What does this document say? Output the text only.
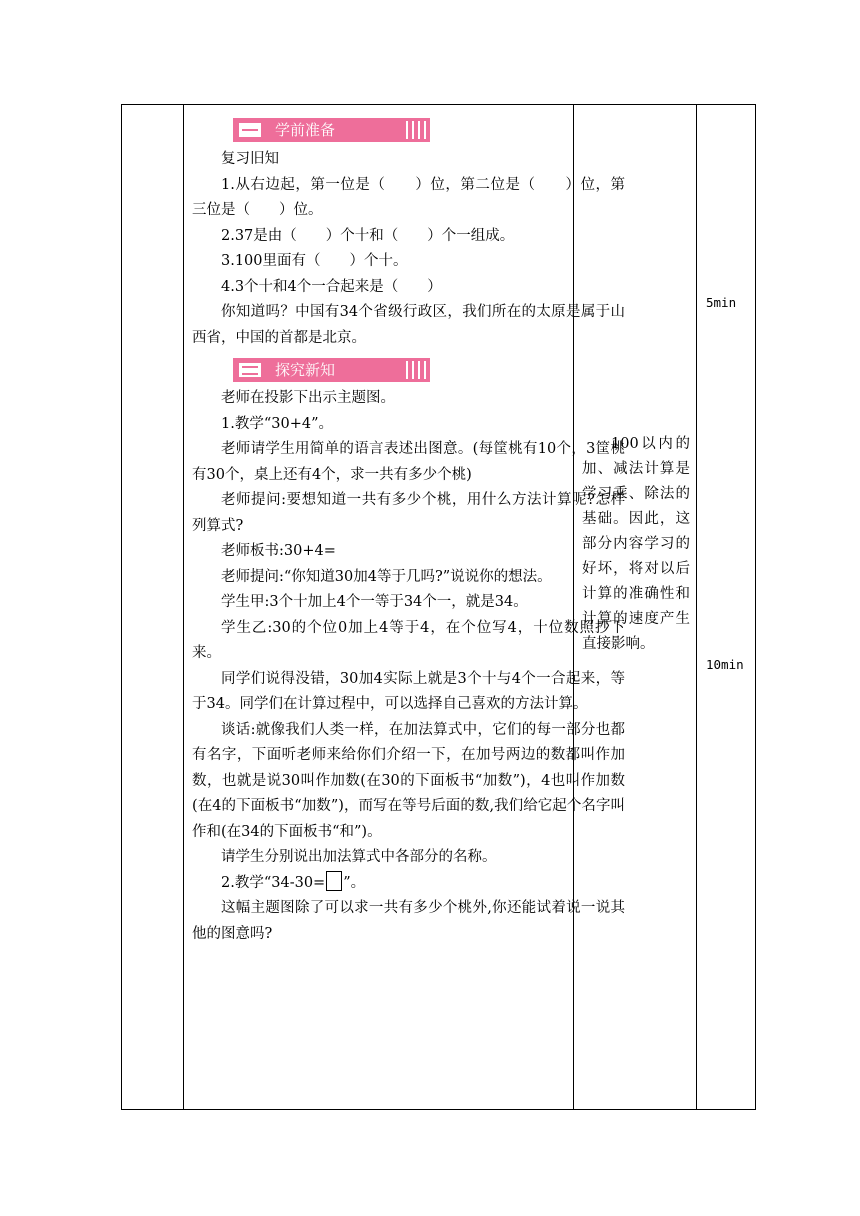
学前准备

复习旧知

1.从右边起，第一位是（　　）位，第二位是（　　）位，第三位是（　　）位。

2.37是由（　　）个十和（　　）个一组成。

3.100里面有（　　）个十。

4.3个十和4个一合起来是（　　）

你知道吗？中国有34个省级行政区，我们所在的太原是属于山西省，中国的首都是北京。

探究新知

老师在投影下出示主题图。

1.教学“30+4”。

老师请学生用简单的语言表述出图意。(每筐桃有10个，3筐桃有30个，桌上还有4个，求一共有多少个桃)

老师提问:要想知道一共有多少个桃，用什么方法计算呢?怎样列算式?

老师板书:30+4=

老师提问:“你知道30加4等于几吗?”说说你的想法。

学生甲:3个十加上4个一等于34个一，就是34。

学生乙:30的个位0加上4等于4，在个位写4，十位数照抄下来。

同学们说得没错，30加4实际上就是3个十与4个一合起来，等于34。同学们在计算过程中，可以选择自己喜欢的方法计算。

谈话:就像我们人类一样，在加法算式中，它们的每一部分也都有名字，下面听老师来给你们介绍一下，在加号两边的数都叫作加数，也就是说30叫作加数(在30的下面板书“加数”)，4也叫作加数(在4的下面板书“加数”)，而写在等号后面的数,我们给它起个名字叫作和(在34的下面板书“和”)。

请学生分别说出加法算式中各部分的名称。

2.教学“34-30= ”。

这幅主题图除了可以求一共有多少个桃外,你还能试着说一说其他的图意吗?

100以内的加、减法计算是学习乘、除法的基础。因此，这部分内容学习的好坏，将对以后计算的准确性和计算的速度产生直接影响。

5min
10min
